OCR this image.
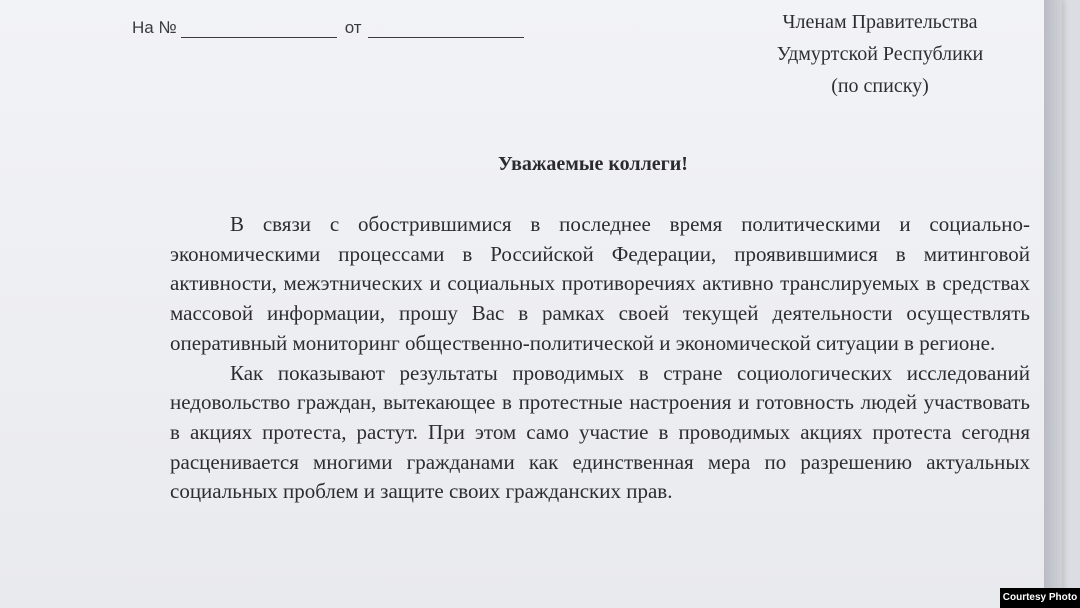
На №	от	Членам Правительства
Удмуртской Республики
(по списку)
Уважаемые коллеги!

В связи с обострившимися в последнее время политическими и социально-экономическими процессами в Российской Федерации, проявившимися в митинговой активности, межэтнических и социальных противоречиях активно транслируемых в средствах массовой информации, прошу Вас в рамках своей текущей деятельности осуществлять оперативный мониторинг общественно-политической и экономической ситуации в регионе.

Как показывают результаты проводимых в стране социологических исследований недовольство граждан, вытекающее в протестные настроения и готовность людей участвовать в акциях протеста, растут. При этом само участие в проводимых акциях протеста сегодня расценивается многими гражданами как единственная мера по разрешению актуальных социальных проблем и защите своих гражданских прав.

Courtesy Photo
